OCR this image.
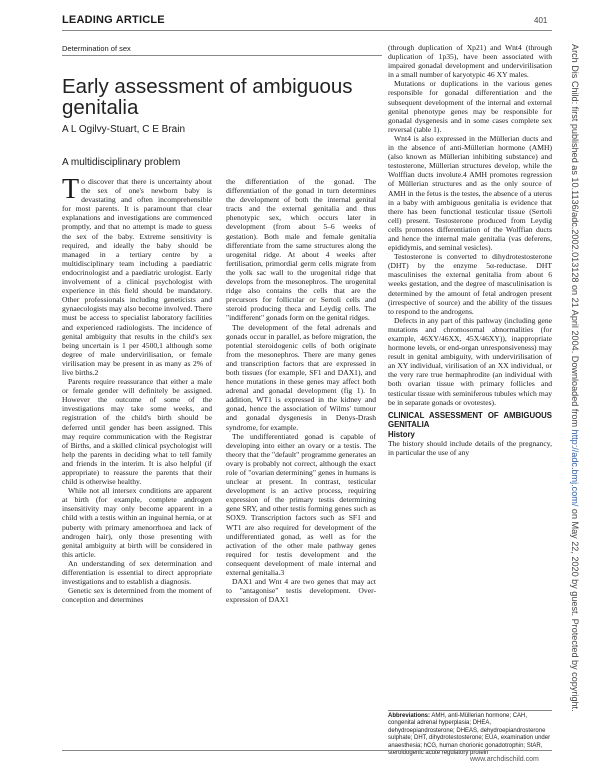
LEADING ARTICLE	401
Arch Dis Child: first published as 10.1136/adc.2002.013128 on 21 April 2004. Downloaded from http://adc.bmj.com/ on May 22, 2020 by guest. Protected by copyright.
Determination of sex
Early assessment of ambiguous genitalia
A L Ogilvy-Stuart, C E Brain
A multidisciplinary problem

To discover that there is uncertainty about the sex of one's newborn baby is devastating and often incomprehensible for most parents. It is paramount that clear explanations and investigations are commenced promptly, and that no attempt is made to guess the sex of the baby. Extreme sensitivity is required, and ideally the baby should be managed in a tertiary centre by a multidisciplinary team including a paediatric endocrinologist and a paediatric urologist. Early involvement of a clinical psychologist with experience in this field should be mandatory. Other professionals including geneticists and gynaecologists may also become involved. There must be access to specialist laboratory facilities and experienced radiologists. The incidence of genital ambiguity that results in the child's sex being uncertain is 1 per 4500,1 although some degree of male undervirilisation, or female virilisation may be present in as many as 2% of live births.2

Parents require reassurance that either a male or female gender will definitely be assigned. However the outcome of some of the investigations may take some weeks, and registration of the child's birth should be deferred until gender has been assigned. This may require communication with the Registrar of Births, and a skilled clinical psychologist will help the parents in deciding what to tell family and friends in the interim. It is also helpful (if appropriate) to reassure the parents that their child is otherwise healthy.

While not all intersex conditions are apparent at birth (for example, complete androgen insensitivity may only become apparent in a child with a testis within an inguinal hernia, or at puberty with primary amenorrhoea and lack of androgen hair), only those presenting with genital ambiguity at birth will be considered in this article.

An understanding of sex determination and differentiation is essential to direct appropriate investigations and to establish a diagnosis.

Genetic sex is determined from the moment of conception and determines

the differentiation of the gonad. The differentiation of the gonad in turn determines the development of both the internal genital tracts and the external genitalia and thus phenotypic sex, which occurs later in development (from about 5–6 weeks of gestation). Both male and female genitalia differentiate from the same structures along the urogenital ridge. At about 4 weeks after fertilisation, primordial germ cells migrate from the yolk sac wall to the urogenital ridge that develops from the mesonephros. The urogenital ridge also contains the cells that are the precursors for follicular or Sertoli cells and steroid producing theca and Leydig cells. The "indifferent" gonads form on the genital ridges.

The development of the fetal adrenals and gonads occur in parallel, as before migration, the potential steroidogenic cells of both originate from the mesonephros. There are many genes and transcription factors that are expressed in both tissues (for example, SF1 and DAX1), and hence mutations in these genes may affect both adrenal and gonadal development (fig 1). In addition, WT1 is expressed in the kidney and gonad, hence the association of Wilms' tumour and gonadal dysgenesis in Denys-Drash syndrome, for example.

The undifferentiated gonad is capable of developing into either an ovary or a testis. The theory that the "default" programme generates an ovary is probably not correct, although the exact role of "ovarian determining" genes in humans is unclear at present. In contrast, testicular development is an active process, requiring expression of the primary testis determining gene SRY, and other testis forming genes such as SOX9. Transcription factors such as SF1 and WT1 are also required for development of the undifferentiated gonad, as well as for the activation of the other male pathway genes required for testis development and the consequent development of male internal and external genitalia.3

DAX1 and Wnt 4 are two genes that may act to "antagonise" testis development. Over-expression of DAX1

(through duplication of Xp21) and Wnt4 (through duplication of 1p35), have been associated with impaired gonadal development and undervirilisation in a small number of karyotypic 46 XY males.

Mutations or duplications in the various genes responsible for gonadal differentiation and the subsequent development of the internal and external genital phenotype genes may be responsible for gonadal dysgenesis and in some cases complete sex reversal (table 1).

Wnt4 is also expressed in the Müllerian ducts and in the absence of anti-Müllerian hormone (AMH) (also known as Müllerian inhibiting substance) and testosterone, Müllerian structures develop, while the Wolffian ducts involute.4 AMH promotes regression of Müllerian structures and as the only source of AMH in the fetus is the testes, the absence of a uterus in a baby with ambiguous genitalia is evidence that there has been functional testicular tissue (Sertoli cell) present. Testosterone produced from Leydig cells promotes differentiation of the Wolffian ducts and hence the internal male genitalia (vas deferens, epididymis, and seminal vesicles).

Testosterone is converted to dihydrotestosterone (DHT) by the enzyme 5α-reductase. DHT masculinises the external genitalia from about 6 weeks gestation, and the degree of masculinisation is determined by the amount of fetal androgen present (irrespective of source) and the ability of the tissues to respond to the androgens.

Defects in any part of this pathway (including gene mutations and chromosomal abnormalities (for example, 46XY/46XX, 45X/46XY)), inappropriate hormone levels, or end-organ unresponsiveness) may result in genital ambiguity, with undervirilisation of an XY individual, virilisation of an XX individual, or the very rare true hermaphrodite (an individual with both ovarian tissue with primary follicles and testicular tissue with seminiferous tubules which may be in separate gonads or ovotestes).

CLINICAL ASSESSMENT OF AMBIGUOUS GENITALIA
History

The history should include details of the pregnancy, in particular the use of any

Abbreviations: AMH, anti-Müllerian hormone; CAH, congenital adrenal hyperplasia; DHEA, dehydroepiandrosterone; DHEAS, dehydroepiandrosterone sulphate; DHT, dihydrotestosterone; EUA, examination under anaesthesia; hCG, human chorionic gonadotrophin; StAR, steroidogenic acute regulatory protein
www.archdischild.com
